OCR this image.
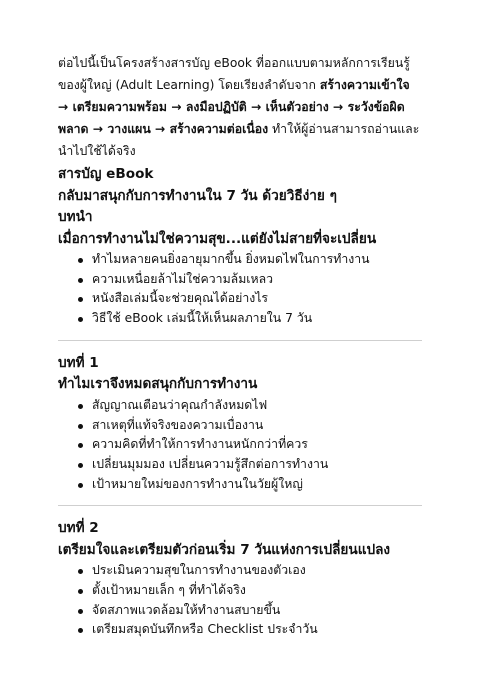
ต่อไปนี้เป็นโครงสร้างสารบัญ eBook ที่ออกแบบตามหลักการเรียนรู้ของผู้ใหญ่ (Adult Learning) โดยเรียงลำดับจาก สร้างความเข้าใจ → เตรียมความพร้อม → ลงมือปฏิบัติ → เห็นตัวอย่าง → ระวังข้อผิดพลาด → วางแผน → สร้างความต่อเนื่อง ทำให้ผู้อ่านสามารถอ่านและนำไปใช้ได้จริง

สารบัญ eBook

กลับมาสนุกกับการทำงานใน 7 วัน ด้วยวิธีง่าย ๆ

บทนำ

เมื่อการทำงานไม่ใช่ความสุข...แต่ยังไม่สายที่จะเปลี่ยน

ทำไมหลายคนยิ่งอายุมากขึ้น ยิ่งหมดไฟในการทำงาน
ความเหนื่อยล้าไม่ใช่ความล้มเหลว
หนังสือเล่มนี้จะช่วยคุณได้อย่างไร
วิธีใช้ eBook เล่มนี้ให้เห็นผลภายใน 7 วัน

บทที่ 1

ทำไมเราจึงหมดสนุกกับการทำงาน

สัญญาณเตือนว่าคุณกำลังหมดไฟ
สาเหตุที่แท้จริงของความเบื่องาน
ความคิดที่ทำให้การทำงานหนักกว่าที่ควร
เปลี่ยนมุมมอง เปลี่ยนความรู้สึกต่อการทำงาน
เป้าหมายใหม่ของการทำงานในวัยผู้ใหญ่

บทที่ 2

เตรียมใจและเตรียมตัวก่อนเริ่ม 7 วันแห่งการเปลี่ยนแปลง

ประเมินความสุขในการทำงานของตัวเอง
ตั้งเป้าหมายเล็ก ๆ ที่ทำได้จริง
จัดสภาพแวดล้อมให้ทำงานสบายขึ้น
เตรียมสมุดบันทึกหรือ Checklist ประจำวัน
